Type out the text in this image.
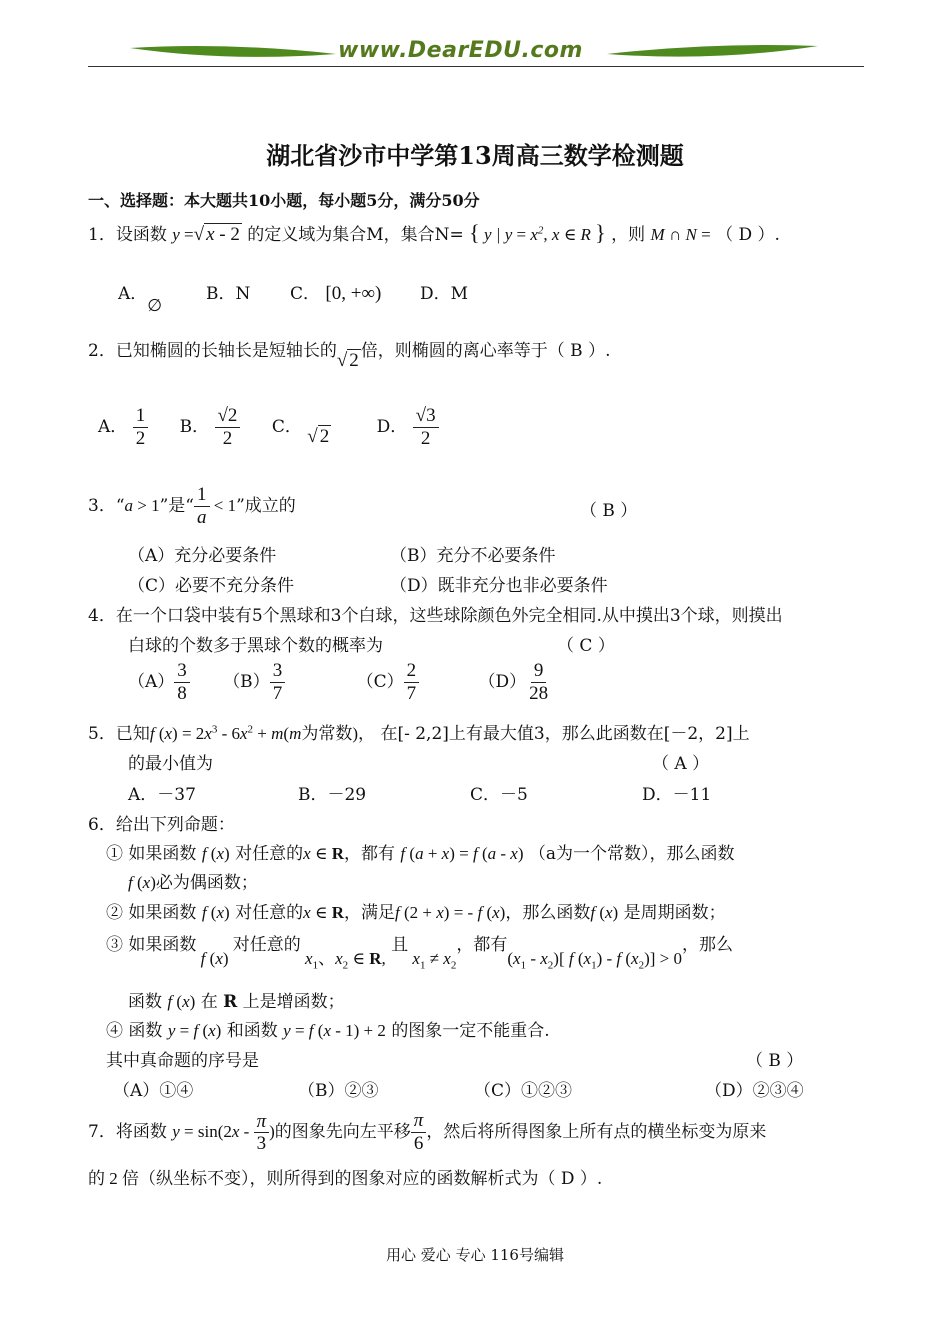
www.DearEDU.com
湖北省沙市中学第13周高三数学检测题
一、选择题：本大题共10小题，每小题5分，满分50分
1．设函数 y =√ x - 2 的定义域为集合M，集合N= { y | $y = x^2$, x ∈ R } ，则 M ∩ N = （ D ）.
A．∅
B．N C． [0, +∞) D．M
2．已知椭圆的长轴长是短轴长的√ 2 倍，则椭圆的离心率等于（ B ）.
A． $\frac{1}{2}$ B． $\frac{√2}{2}$ C． √ 2	D． $\frac{√3}{2}$
3．“a > 1”是“ $\frac{1}{a} < 1$”成立的	（ B ）
（A）充分必要条件	（B）充分不必要条件
（C）必要不充分条件	（D）既非充分也非必要条件
4．在一个口袋中装有5个黑球和3个白球，这些球除颜色外完全相同.从中摸出3个球，则摸出
白球的个数多于黑球个数的概率为	（ C ）
$(A) \frac{3}{8} (B) \frac{3}{7}$	$(C) \frac{2}{7}$	$(D) \frac{9}{28}$
5．已知f $(x) = 2x^3 - 6x^2 + m(m$为常数)， 在[- 2,2]上有最大值3，那么此函数在[－2，2]上
的最小值为	（ A ）
A．－37	B．－29	C．－5	D．－11
6．给出下列命题：
① 如果函数 f (x) 对任意的x ∈ R，都有 f (a + x) = f (a - x) （a为一个常数），那么函数
f (x)必为偶函数；
② 如果函数 f (x) 对任意的x ∈ R，满足f (2 + x) = - f (x)，那么函数f (x) 是周期函数；
③ 如果函数 f (x) 对任意的 $x_1$、$x_2$ ∈ R, 且 $x_1 \ne x_2$，都有$(x_1 - x_2)$[ f $(x_1)$ - f $(x_2)] > 0$，那么
函数 f (x) 在 R 上是增函数；
④ 函数 y = f (x) 和函数 y = f (x - 1) + 2 的图象一定不能重合.
其中真命题的序号是	（ B ）
（A）①④	（B）②③	（C）①②③	（D）②③④
7．将函数 $y = \sin(2x - \frac{\pi}{3}$ )的图象先向左平移 $\frac{\pi}{6}$ ，然后将所得图象上所有点的横坐标变为原来
的 2 倍（纵坐标不变），则所得到的图象对应的函数解析式为（ D ）.
用心 爱心 专心 116号编辑
